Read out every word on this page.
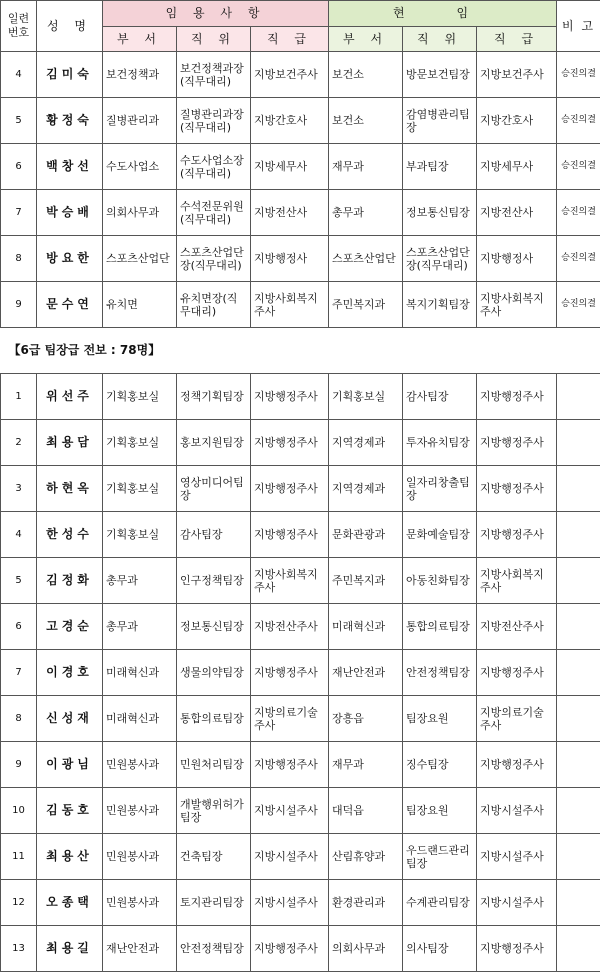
일련번호	성 명	임 용 사 항			현 임			비 고
		부 서	직 위	직 급	부 서	직 위	직 급	
4	김미숙	보건정책과	보건정책과장(직무대리)	지방보건주사	보건소	방문보건팀장	지방보건주사	승진의결
5	황정숙	질병관리과	질병관리과장(직무대리)	지방간호사	보건소	감염병관리팀장	지방간호사	승진의결
6	백창선	수도사업소	수도사업소장(직무대리)	지방세무사	재무과	부과팀장	지방세무사	승진의결
7	박승배	의회사무과	수석전문위원(직무대리)	지방전산사	총무과	정보통신팀장	지방전산사	승진의결
8	방요한	스포츠산업단	스포츠산업단장(직무대리)	지방행정사	스포츠산업단	스포츠산업단장(직무대리)	지방행정사	승진의결
9	문수연	유치면	유치면장(직무대리)	지방사회복지주사	주민복지과	복지기획팀장	지방사회복지주사	승진의결
【6급 팀장급 전보 : 78명】								
1	위선주	기획홍보실	정책기획팀장	지방행정주사	기획홍보실	감사팀장	지방행정주사	
2	최용담	기획홍보실	홍보지원팀장	지방행정주사	지역경제과	투자유치팀장	지방행정주사	
3	하현옥	기획홍보실	영상미디어팀장	지방행정주사	지역경제과	일자리창출팀장	지방행정주사	
4	한성수	기획홍보실	감사팀장	지방행정주사	문화관광과	문화예술팀장	지방행정주사	
5	김정화	총무과	인구정책팀장	지방사회복지주사	주민복지과	아동친화팀장	지방사회복지주사	
6	고경순	총무과	정보통신팀장	지방전산주사	미래혁신과	통합의료팀장	지방전산주사	
7	이경호	미래혁신과	생물의약팀장	지방행정주사	재난안전과	안전정책팀장	지방행정주사	
8	신성재	미래혁신과	통합의료팀장	지방의료기술주사	장흥읍	팀장요원	지방의료기술주사	
9	이광님	민원봉사과	민원처리팀장	지방행정주사	재무과	징수팀장	지방행정주사	
10	김동호	민원봉사과	개발행위허가팀장	지방시설주사	대덕읍	팀장요원	지방시설주사	
11	최용산	민원봉사과	건축팀장	지방시설주사	산림휴양과	우드랜드관리팀장	지방시설주사	
12	오종택	민원봉사과	토지관리팀장	지방시설주사	환경관리과	수계관리팀장	지방시설주사	
13	최용길	재난안전과	안전정책팀장	지방행정주사	의회사무과	의사팀장	지방행정주사	
